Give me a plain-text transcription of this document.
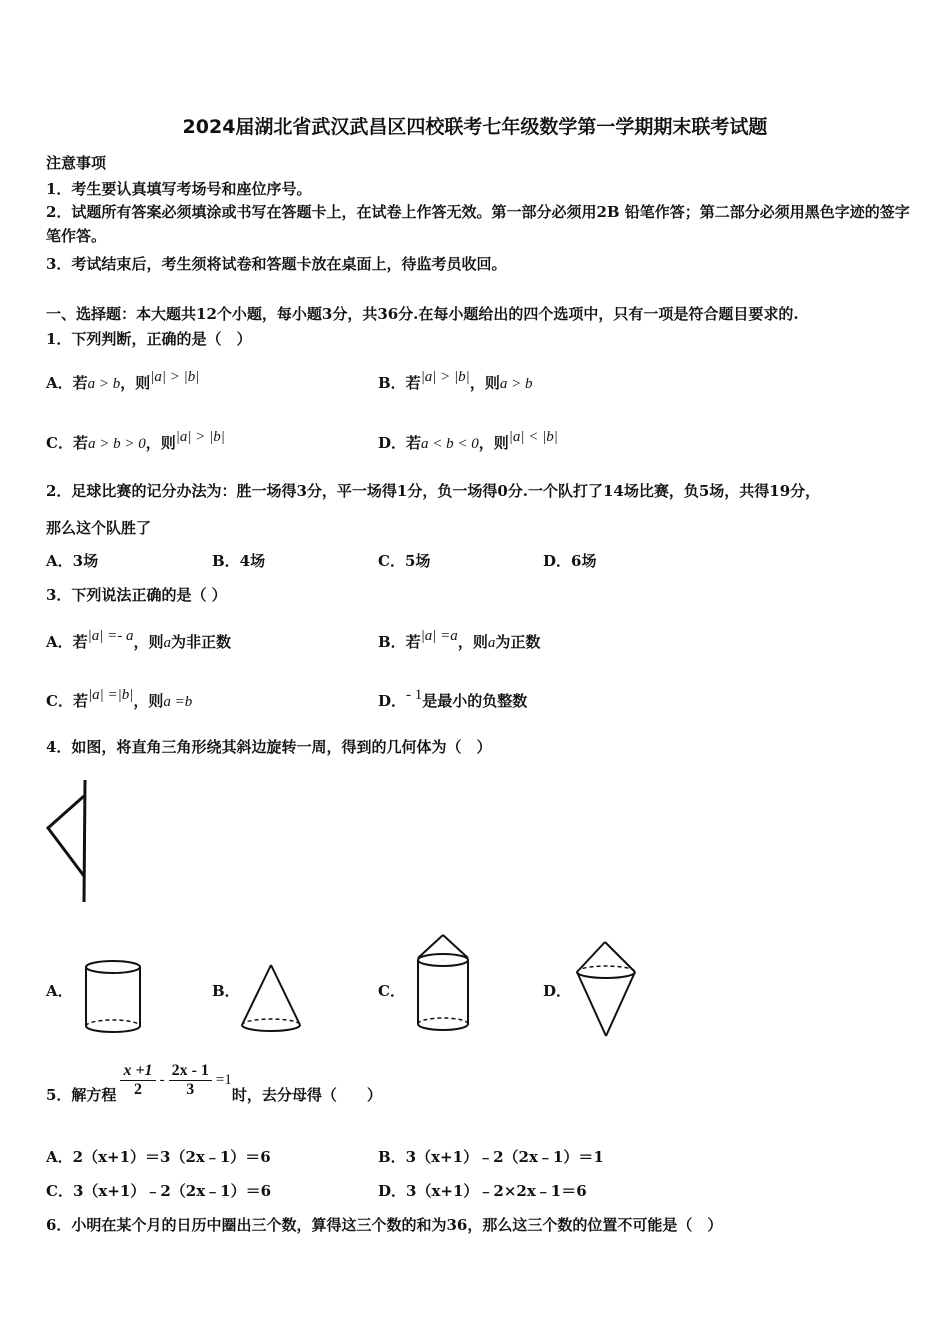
2024届湖北省武汉武昌区四校联考七年级数学第一学期期末联考试题
注意事项
1．考生要认真填写考场号和座位序号。
2．试题所有答案必须填涂或书写在答题卡上，在试卷上作答无效。第一部分必须用2B 铅笔作答；第二部分必须用黑色字迹的签字笔作答。
3．考试结束后，考生须将试卷和答题卡放在桌面上，待监考员收回。
一、选择题：本大题共12个小题，每小题3分，共36分.在每小题给出的四个选项中，只有一项是符合题目要求的.
1．下列判断，正确的是（　）
A．若a > b，则|a| > |b|	B．若|a| > |b|，则a > b
C．若a > b > 0，则|a| > |b|	D．若a < b < 0，则|a| < |b|
2．足球比赛的记分办法为：胜一场得3分，平一场得1分，负一场得0分.一个队打了14场比赛，负5场，共得19分，
那么这个队胜了
A．3场	B．4场	C．5场	D．6场
3．下列说法正确的是（ ）
A．若|a| =- a，则a为非正数	B．若|a| =a，则a为正数
C．若|a| =|b|，则a =b	D．- 1是最小的负整数
4．如图，将直角三角形绕其斜边旋转一周，得到的几何体为（　）
A．	B．	C．	D．
5．解方程 $\frac{x +1}{2} - \frac{2x - 1}{3} =1$时，去分母得（　　）
A．2（x+1）＝3（2x﹣1）＝6	B．3（x+1）﹣2（2x﹣1）＝1
C．3（x+1）﹣2（2x﹣1）＝6	D．3（x+1）﹣2×2x﹣1＝6
6．小明在某个月的日历中圈出三个数，算得这三个数的和为36，那么这三个数的位置不可能是（　）
